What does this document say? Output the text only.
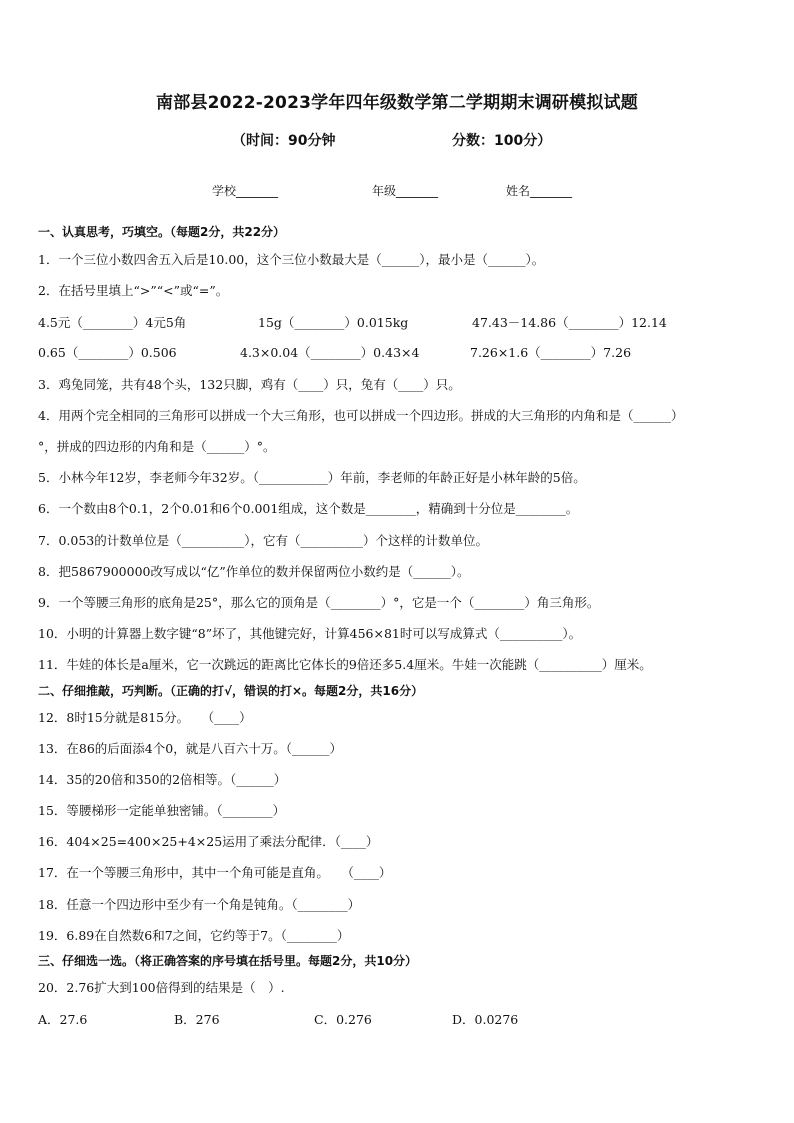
南部县2022-2023学年四年级数学第二学期期末调研模拟试题
（时间：90分钟	分数：100分）
学校_______	年级_______	姓名_______
一、认真思考，巧填空。（每题2分，共22分）
1．一个三位小数四舍五入后是10.00，这个三位小数最大是（______），最小是（______）。
2．在括号里填上“>”“<”或“=”。
4.5元（________）4元5角	15g（________）0.015kg	47.43－14.86（________）12.14
0.65（________）0.506	4.3×0.04（________）0.43×4	7.26×1.6（________）7.26
3．鸡兔同笼，共有48个头，132只脚，鸡有（____）只，兔有（____）只。
4．用两个完全相同的三角形可以拼成一个大三角形，也可以拼成一个四边形。拼成的大三角形的内角和是（______）
°，拼成的四边形的内角和是（______）°。
5．小林今年12岁，李老师今年32岁。（___________）年前，李老师的年龄正好是小林年龄的5倍。
6．一个数由8个0.1，2个0.01和6个0.001组成，这个数是________，精确到十分位是________。
7．0.053的计数单位是（__________），它有（__________）个这样的计数单位。
8．把5867900000改写成以“亿”作单位的数并保留两位小数约是（______）。
9．一个等腰三角形的底角是25°，那么它的顶角是（________）°，它是一个（________）角三角形。
10．小明的计算器上数字键“8”坏了，其他键完好，计算456×81时可以写成算式（__________）。
11．牛娃的体长是a厘米，它一次跳远的距离比它体长的9倍还多5.4厘米。牛娃一次能跳（__________）厘米。
二、仔细推敲，巧判断。（正确的打√，错误的打×。每题2分，共16分）
12．8时15分就是815分。　　（____）
13．在86的后面添4个0，就是八百六十万。（______）
14．35的20倍和350的2倍相等。（______）
15．等腰梯形一定能单独密铺。（________）
16．404×25=400×25+4×25运用了乘法分配律．（____）
17．在一个等腰三角形中，其中一个角可能是直角。　　（____）
18．任意一个四边形中至少有一个角是钝角。（________）
19．6.89在自然数6和7之间，它约等于7。（________）
三、仔细选一选。（将正确答案的序号填在括号里。每题2分，共10分）
20．2.76扩大到100倍得到的结果是（　）.
A．27.6	B．276	C．0.276	D．0.0276
